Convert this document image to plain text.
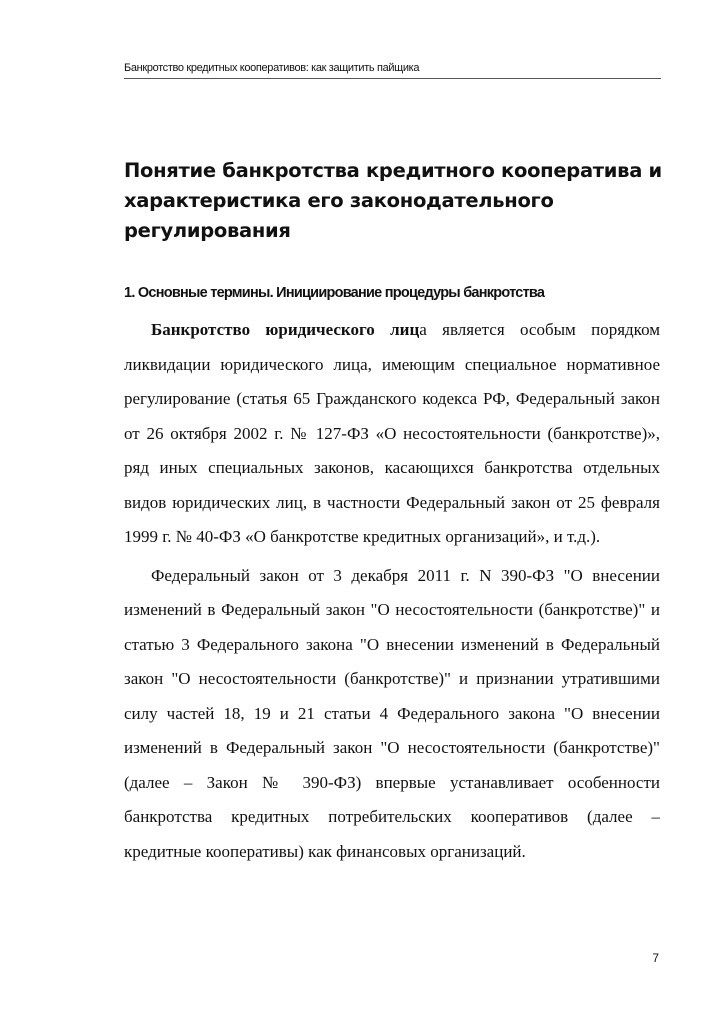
Банкротство кредитных кооперативов: как защитить пайщика
Понятие банкротства кредитного кооператива и характеристика его законодательного регулирования
1. Основные термины. Инициирование процедуры банкротства

Банкротство юридического лица является особым порядком ликвидации юридического лица, имеющим специальное нормативное регулирование (статья 65 Гражданского кодекса РФ, Федеральный закон от 26 октября 2002 г. № 127-ФЗ «О несостоятельности (банкротстве)», ряд иных специальных законов, касающихся банкротства отдельных видов юридических лиц, в частности Федеральный закон от 25 февраля 1999 г. № 40-ФЗ «О банкротстве кредитных организаций», и т.д.).

Федеральный закон от 3 декабря 2011 г. N 390-ФЗ "О внесении изменений в Федеральный закон "О несостоятельности (банкротстве)" и статью 3 Федерального закона "О внесении изменений в Федеральный закон "О несостоятельности (банкротстве)" и признании утратившими силу частей 18, 19 и 21 статьи 4 Федерального закона "О внесении изменений в Федеральный закон "О несостоятельности (банкротстве)" (далее – Закон № 390-ФЗ) впервые устанавливает особенности банкротства кредитных потребительских кооперативов (далее – кредитные кооперативы) как финансовых организаций.

7
